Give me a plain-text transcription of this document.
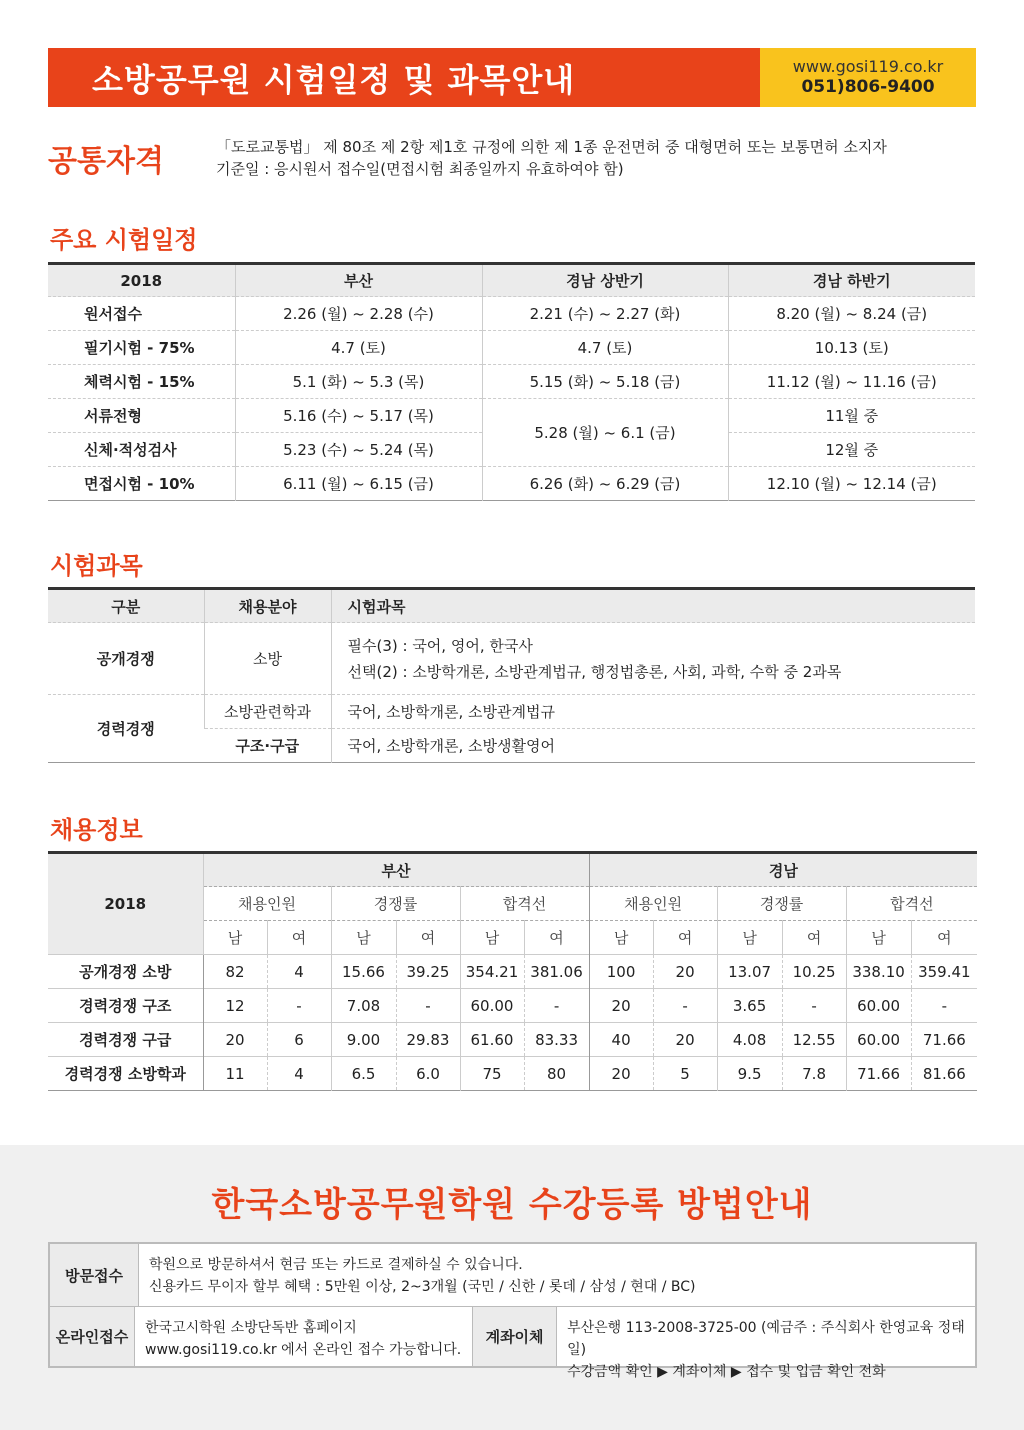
소방공무원 시험일정 및 과목안내	www.gosi119.co.kr
051)806-9400
공통자격	「도로교통법」 제 80조 제 2항 제1호 규정에 의한 제 1종 운전면허 중 대형면허 또는 보통면허 소지자
기준일 : 응시원서 접수일(면접시험 최종일까지 유효하여야 함)
주요 시험일정
2018	부산	경남 상반기	경남 하반기
원서접수	2.26 (월) ~ 2.28 (수)	2.21 (수) ~ 2.27 (화)	8.20 (월) ~ 8.24 (금)
필기시험 - 75%	4.7 (토)	4.7 (토)	10.13 (토)
체력시험 - 15%	5.1 (화) ~ 5.3 (목)	5.15 (화) ~ 5.18 (금)	11.12 (월) ~ 11.16 (금)
서류전형	5.16 (수) ~ 5.17 (목)	5.28 (월) ~ 6.1 (금)	11월 중
신체·적성검사	5.23 (수) ~ 5.24 (목)		12월 중
면접시험 - 10%	6.11 (월) ~ 6.15 (금)	6.26 (화) ~ 6.29 (금)	12.10 (월) ~ 12.14 (금)
시험과목
구분	채용분야	시험과목
공개경쟁	소방	필수(3) : 국어, 영어, 한국사
선택(2) : 소방학개론, 소방관계법규, 행정법총론, 사회, 과학, 수학 중 2과목

경력경쟁	소방관련학과	국어, 소방학개론, 소방관계법규
	구조·구급	국어, 소방학개론, 소방생활영어
채용정보
2018	부산						경남					
	채용인원		경쟁률		합격선		채용인원		경쟁률		합격선	
	남	여	남	여	남	여	남	여	남	여	남	여
공개경쟁 소방	82	4	15.66	39.25	354.21	381.06	100	20	13.07	10.25	338.10	359.41
경력경쟁 구조	12	-	7.08	-	60.00	-	20	-	3.65	-	60.00	-
경력경쟁 구급	20	6	9.00	29.83	61.60	83.33	40	20	4.08	12.55	60.00	71.66
경력경쟁 소방학과	11	4	6.5	6.0	75	80	20	5	9.5	7.8	71.66	81.66
한국소방공무원학원 수강등록 방법안내
방문접수
학원으로 방문하셔서 현금 또는 카드로 결제하실 수 있습니다.
신용카드 무이자 할부 혜택 : 5만원 이상, 2~3개월 (국민 / 신한 / 롯데 / 삼성 / 현대 / BC)
온라인접수	한국고시학원 소방단독반 홈페이지
www.gosi119.co.kr 에서 온라인 접수 가능합니다.
계좌이체	부산은행 113-2008-3725-00 (예금주 : 주식회사 한영교육 정태일)
수강금액 확인 ▶ 계좌이체 ▶ 접수 및 입금 확인 전화
